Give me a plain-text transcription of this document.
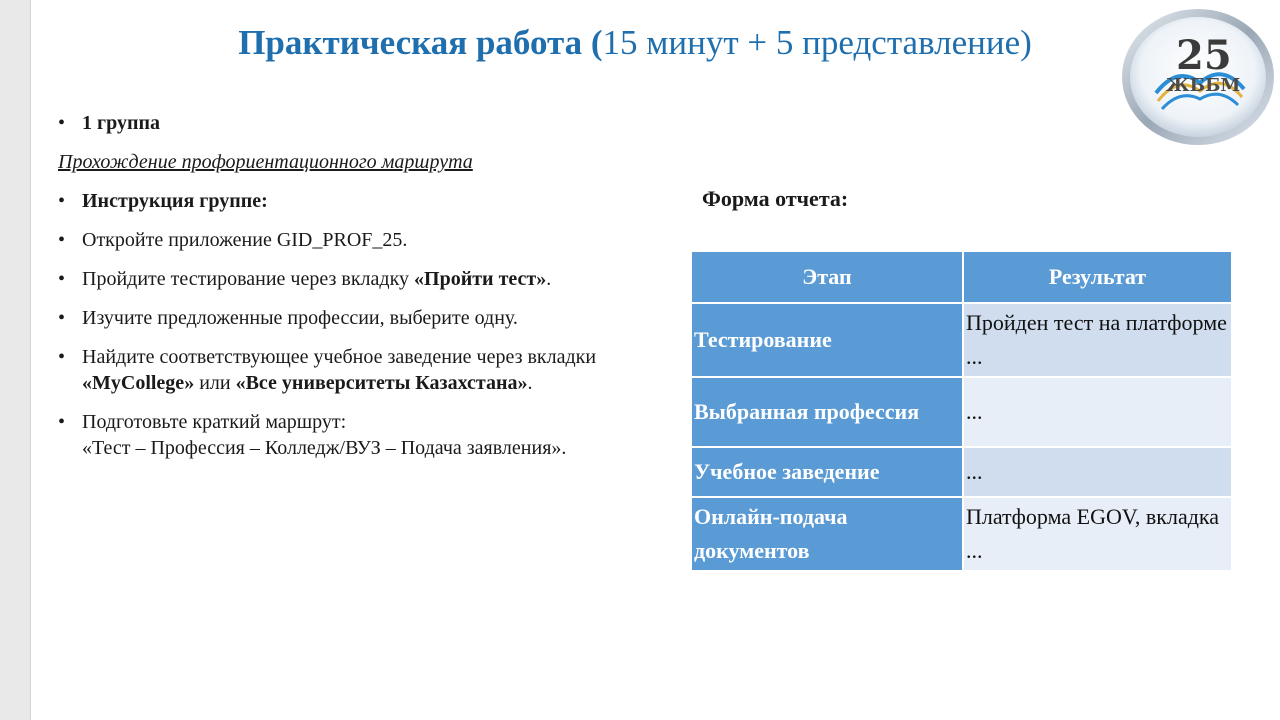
Практическая работа (15 минут + 5 представление)	25
ЖББМ
• 1 группа
Прохождение профориентационного маршрута
• Инструкция группе:
• Откройте приложение GID_PROF_25.
• Пройдите тестирование через вкладку «Пройти тест».
• Изучите предложенные профессии, выберите одну.
• Найдите соответствующее учебное заведение через вкладки «MyCollege» или «Все университеты Казахстана».
• Подготовьте краткий маршрут:
«Тест – Профессия – Колледж/ВУЗ – Подача заявления».
Форма отчета:
Этап	Результат
Тестирование	Пройден тест на платформе ...
Выбранная профессия	...
Учебное заведение	...
Онлайн-подача документов	Платформа EGOV, вкладка ...
